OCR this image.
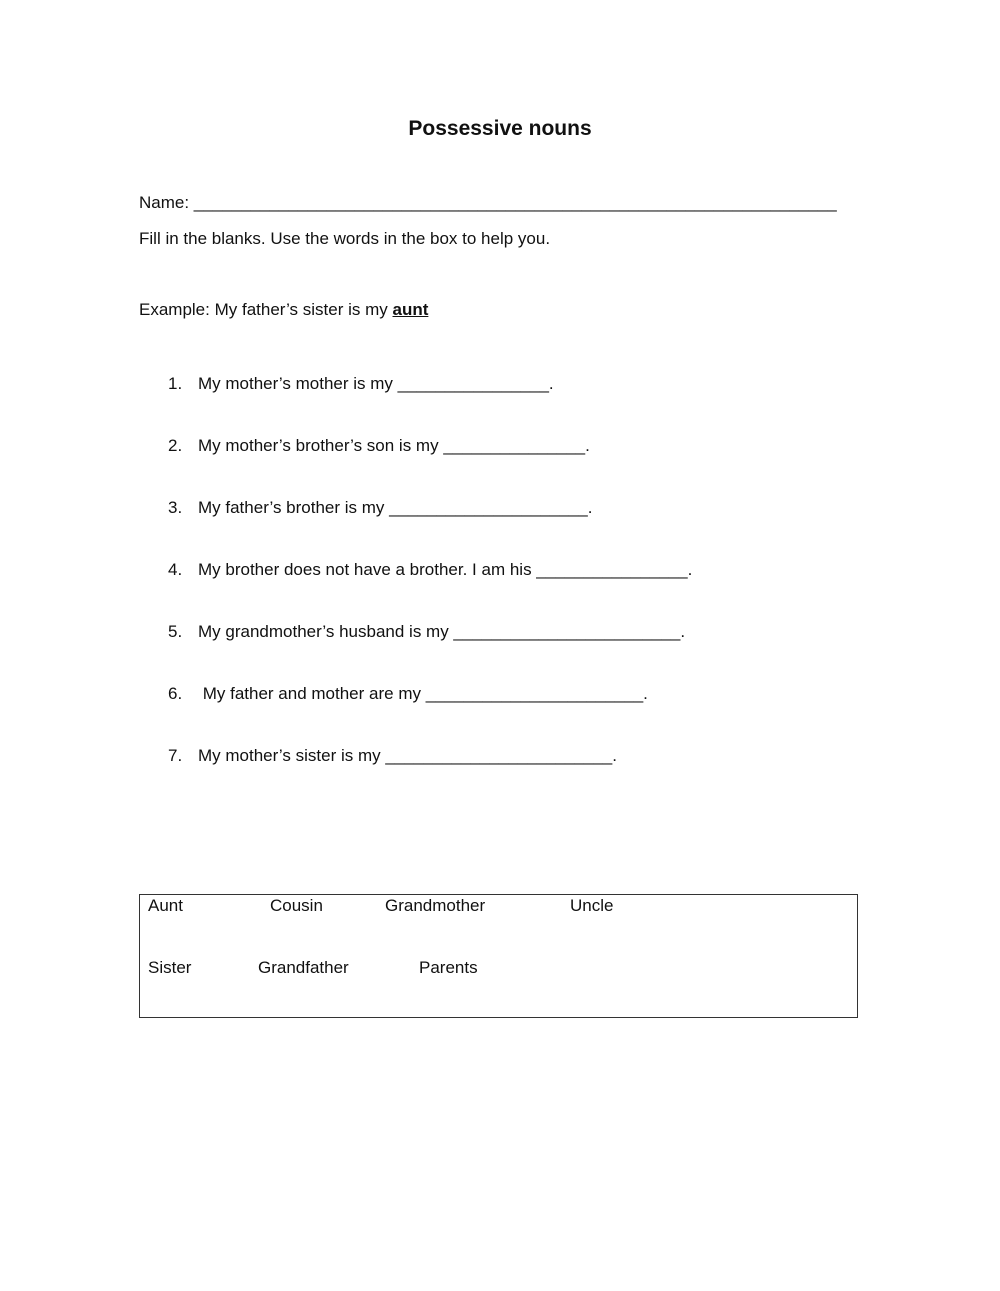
Possessive nouns
Name: ____________________________________________________________________
Fill in the blanks. Use the words in the box to help you.
Example: My father’s sister is my aunt
1. My mother’s mother is my ________________.
2. My mother’s brother’s son is my _______________.
3. My father’s brother is my _____________________.
4. My brother does not have a brother. I am his ________________.
5. My grandmother’s husband is my ________________________.
6. My father and mother are my _______________________.
7. My mother’s sister is my ________________________.
Aunt	Cousin	Grandmother	Uncle
Sister	Grandfather	Parents
